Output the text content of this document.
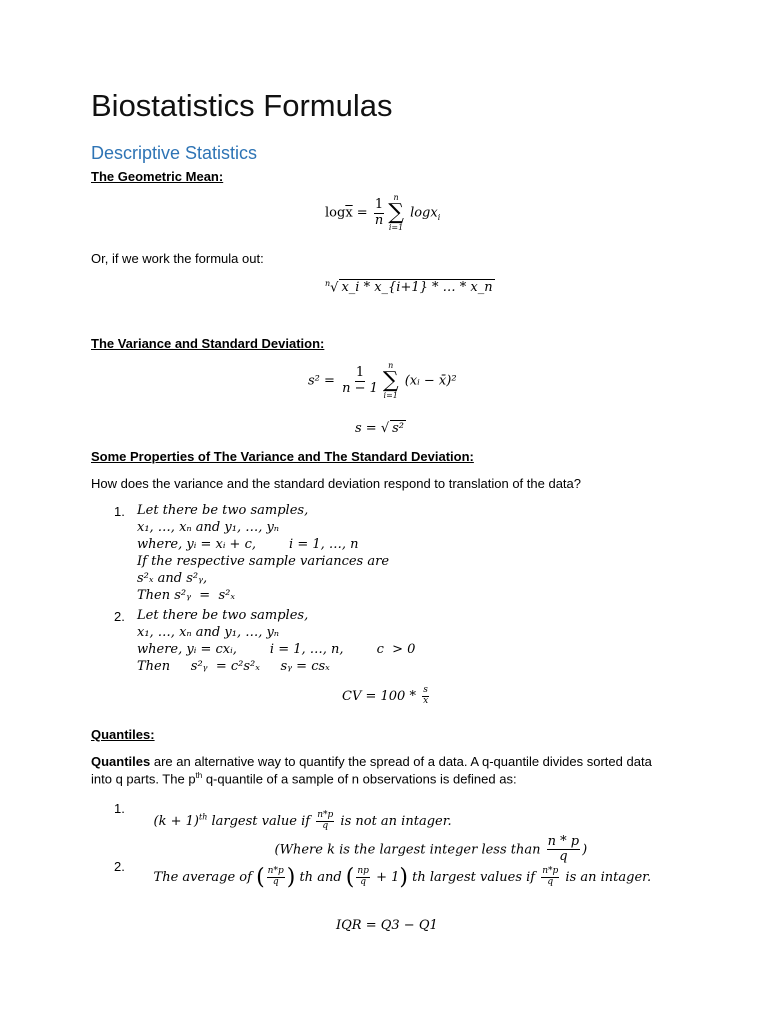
Biostatistics Formulas
Descriptive Statistics
The Geometric Mean:
$\log\overline{x} = \frac{1}{n}$
n
∑
i=1
logx$_i$
Or, if we work the formula out:
$^n$√ x_i * x_{i+1} * … * x_n
The Variance and Standard Deviation:
$s^2 = \frac{1}{n - 1}$
n
∑
i=1
(xᵢ − x̄)²
s = √ s²
Some Properties of The Variance and The Standard Deviation:
How does the variance and the standard deviation respond to translation of the data?
1. Let there be two samples,
x₁, …, xₙ and y₁, …, yₙ
where, yᵢ = xᵢ + c,        i = 1, …, n
If the respective sample variances are
s²ₓ and s²ᵧ,
Then s²ᵧ  =  s²ₓ
2. Let there be two samples,
x₁, …, xₙ and y₁, …, yₙ
where, yᵢ = cxᵢ,        i = 1, …, n,        c  > 0
Then     s²ᵧ  = c²s²ₓ     sᵧ = csₓ
CV = $100 * \frac{s}{x̄}$
Quantiles:
Quantiles are an alternative way to quantify the spread of a data. A q-quantile divides sorted data
into q parts. The $p^{th}$ q-quantile of a sample of n observations is defined as:
1.

$(k + 1)^{th}$ largest value if $\frac{n*p}{q}$ is not an intager.

(Where k is the largest integer less than $\frac{n * p}{q}$ )

2.

The average of ( $\frac{n*p}{q}$ ) th and ( $\frac{np}{q} + 1$) th largest values if $\frac{n*p}{q}$ is an intager.

IQR = Q3 − Q1
